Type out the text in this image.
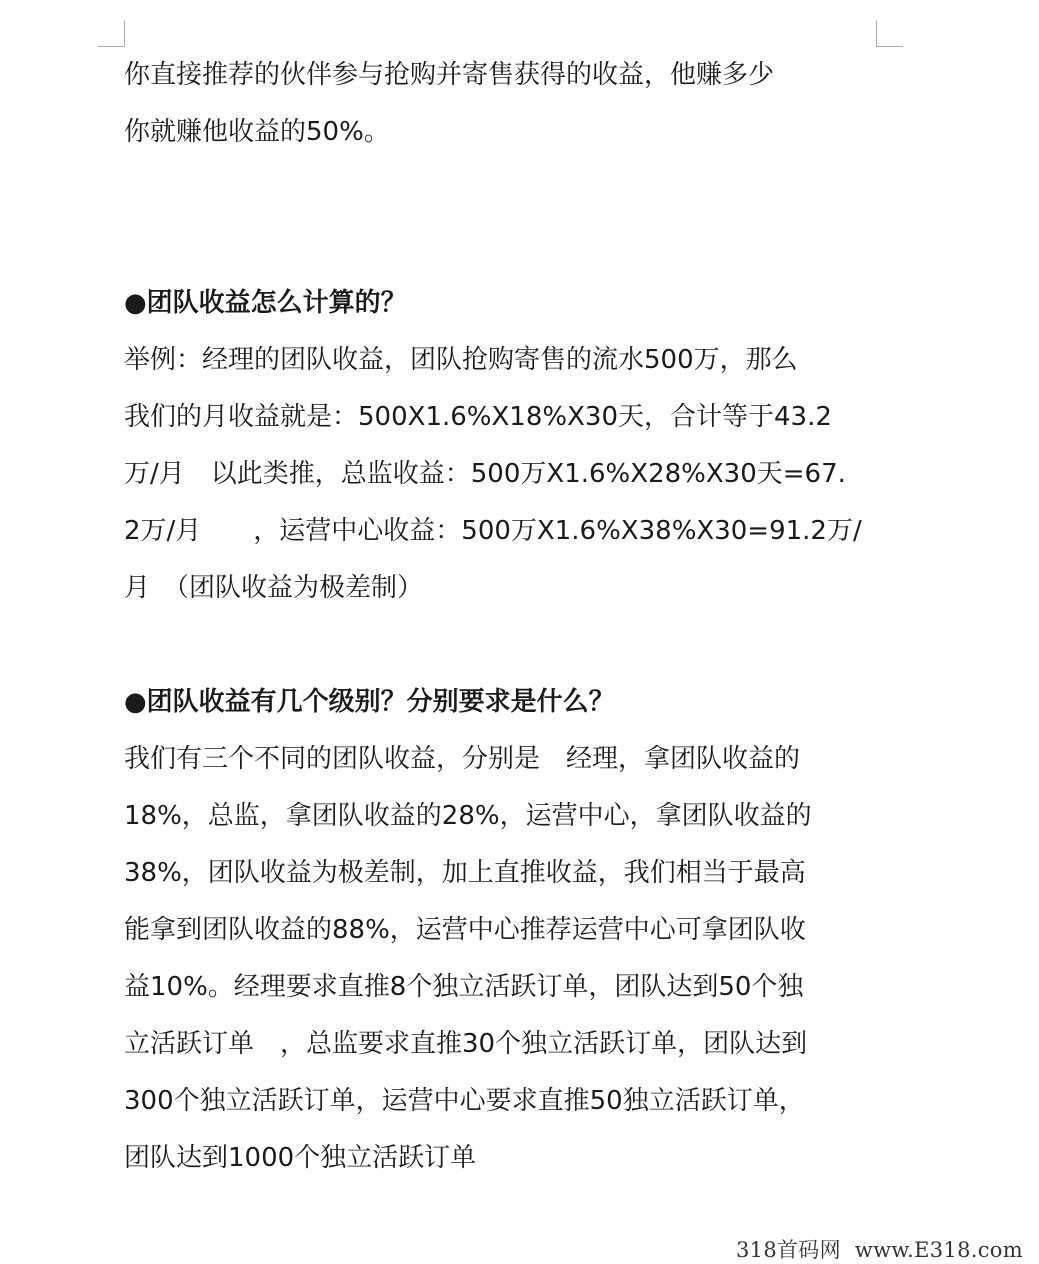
你直接推荐的伙伴参与抢购并寄售获得的收益，他赚多少
你就赚他收益的50%。
●团队收益怎么计算的？
举例：经理的团队收益，团队抢购寄售的流水500万，那么
我们的月收益就是：500X1.6%X18%X30天，合计等于43.2
万/月　以此类推，总监收益：500万X1.6%X28%X30天=67.
2万/月　　，运营中心收益：500万X1.6%X38%X30=91.2万/
月　（团队收益为极差制）
●团队收益有几个级别？分别要求是什么？
我们有三个不同的团队收益，分别是　经理，拿团队收益的
18%，总监，拿团队收益的28%，运营中心，拿团队收益的
38%，团队收益为极差制，加上直推收益，我们相当于最高
能拿到团队收益的88%，运营中心推荐运营中心可拿团队收
益10%。经理要求直推8个独立活跃订单，团队达到50个独
立活跃订单　，总监要求直推30个独立活跃订单，团队达到
300个独立活跃订单，运营中心要求直推50独立活跃订单，
团队达到1000个独立活跃订单
318首码网  www.E318.com
